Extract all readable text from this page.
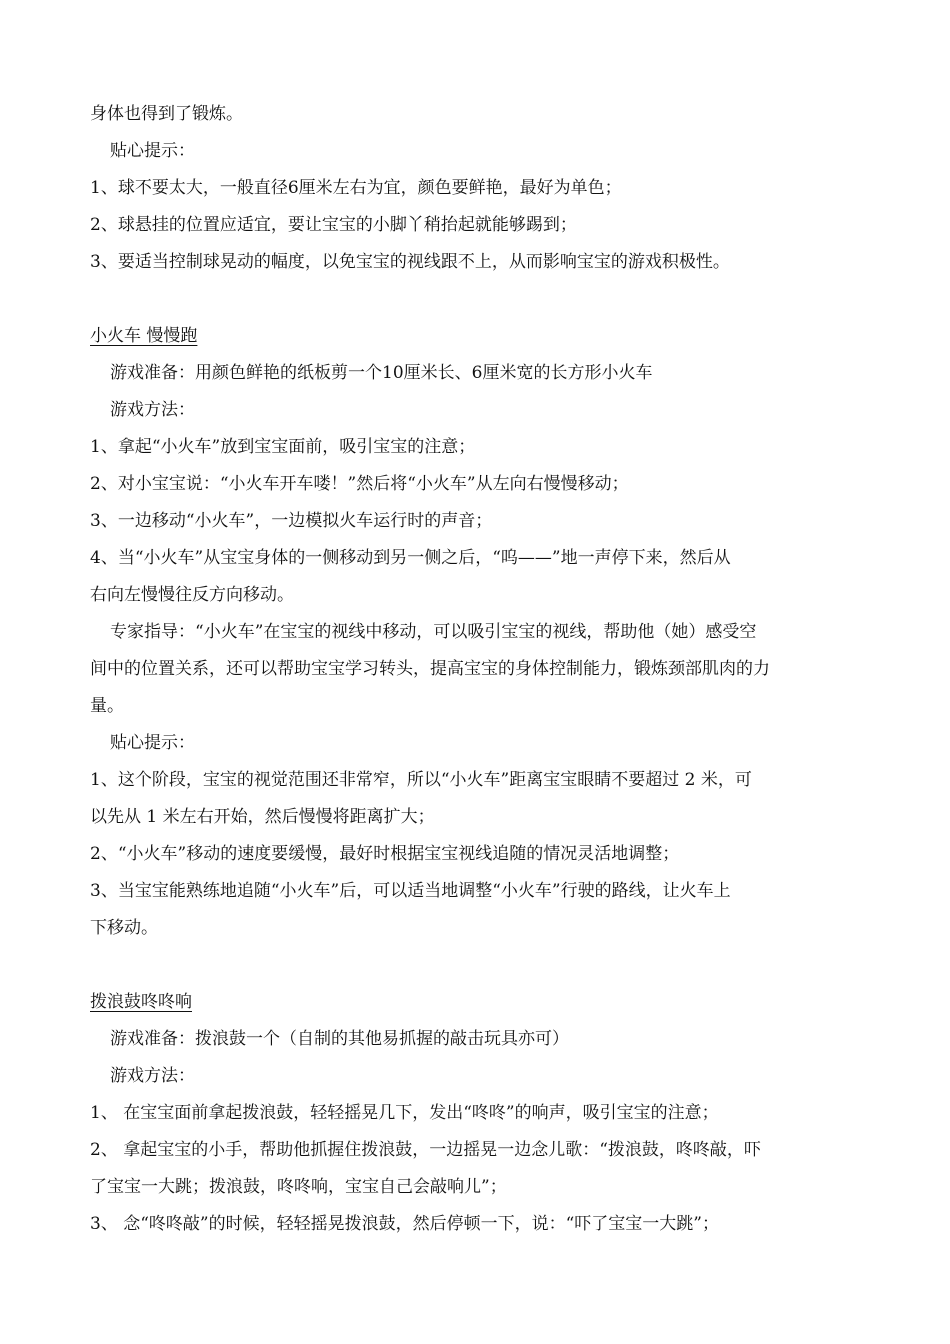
身体也得到了锻炼。
贴心提示：
1、球不要太大，一般直径6厘米左右为宜，颜色要鲜艳，最好为单色；
2、球悬挂的位置应适宜，要让宝宝的小脚丫稍抬起就能够踢到；
3、要适当控制球晃动的幅度，以免宝宝的视线跟不上，从而影响宝宝的游戏积极性。
小火车 慢慢跑
游戏准备：用颜色鲜艳的纸板剪一个10厘米长、6厘米宽的长方形小火车
游戏方法：
1、拿起“小火车”放到宝宝面前，吸引宝宝的注意；
2、对小宝宝说：“小火车开车喽！”然后将“小火车”从左向右慢慢移动；
3、一边移动“小火车”，一边模拟火车运行时的声音；
4、当“小火车”从宝宝身体的一侧移动到另一侧之后，“呜——”地一声停下来，然后从
右向左慢慢往反方向移动。
专家指导：“小火车”在宝宝的视线中移动，可以吸引宝宝的视线，帮助他（她）感受空
间中的位置关系，还可以帮助宝宝学习转头，提高宝宝的身体控制能力，锻炼颈部肌肉的力
量。
贴心提示：
1、这个阶段，宝宝的视觉范围还非常窄，所以“小火车”距离宝宝眼睛不要超过 2 米，可
以先从 1 米左右开始，然后慢慢将距离扩大；
2、“小火车”移动的速度要缓慢，最好时根据宝宝视线追随的情况灵活地调整；
3、当宝宝能熟练地追随“小火车”后，可以适当地调整“小火车”行驶的路线，让火车上
下移动。
拨浪鼓咚咚响
游戏准备：拨浪鼓一个（自制的其他易抓握的敲击玩具亦可）
游戏方法：
1、 在宝宝面前拿起拨浪鼓，轻轻摇晃几下，发出“咚咚”的响声，吸引宝宝的注意；
2、 拿起宝宝的小手，帮助他抓握住拨浪鼓，一边摇晃一边念儿歌：“拨浪鼓，咚咚敲，吓
了宝宝一大跳；拨浪鼓，咚咚响，宝宝自己会敲响儿”；
3、 念“咚咚敲”的时候，轻轻摇晃拨浪鼓，然后停顿一下，说：“吓了宝宝一大跳”；
